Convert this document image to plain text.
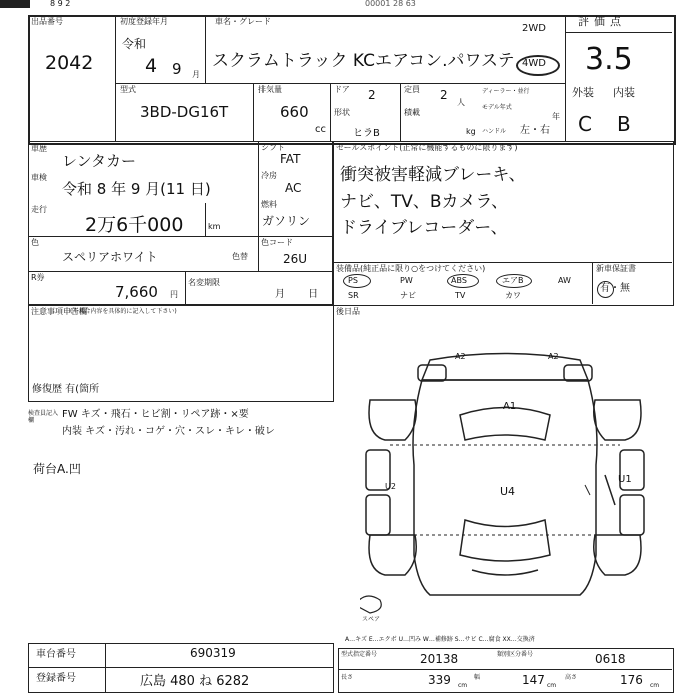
8 9 2	00001 28 63
出品番号
2042
初度登録年月	車名・グレード
令和
4 9 月
スクラムトラック KCエアコン.パワステ
2WD
4WD
型式
3BD-DG16T
排気量
660
cc
ドア 2
形状
ヒラB
定員 2
人
積載
kg
ディーラー・並行
モデル年式
年
ハンドル 左・右
評価点
3.5
外装 内装
C B
車歴
レンタカー
車検
令和 8 年 9 月(11 日)
走行
2万6千000	km
シフト
FAT
冷房
AC
燃料
ガソリン
色
スペリアホワイト	色替
色コード
26U
R券
7,660 円
名変期限
月 日
セールスポイント(正常に機能するものに限ります)
衝突被害軽減ブレーキ、
ナビ、TV、Bカメラ、
ドライブレコーダー、
装備品(純正品に限り○をつけてください)
PS	PW	ABS	エアB	AW
SR	ナビ	TV	カワ
新車保証書
有・無
注意事項申告欄
(不具合内容を具体的に記入して下さい)
修復歴 有(箇所
後日品
検査員記入欄
FW キズ・飛石・ヒビ割・リペア跡・×要
内装 キズ・汚れ・コゲ・穴・スレ・キレ・破レ
荷台A.凹
A2	A2
A1
U2	U4
U1
スペア
A…キズ E…エクボ U…凹み W…補修跡 S…サビ C…腐食 XX…交換済
車台番号	690319
登録番号	広島 480 ね 6282
型式指定番号	20138	類別区分番号	0618
長さ	339 cm
幅	147 cm
高さ	176 cm
